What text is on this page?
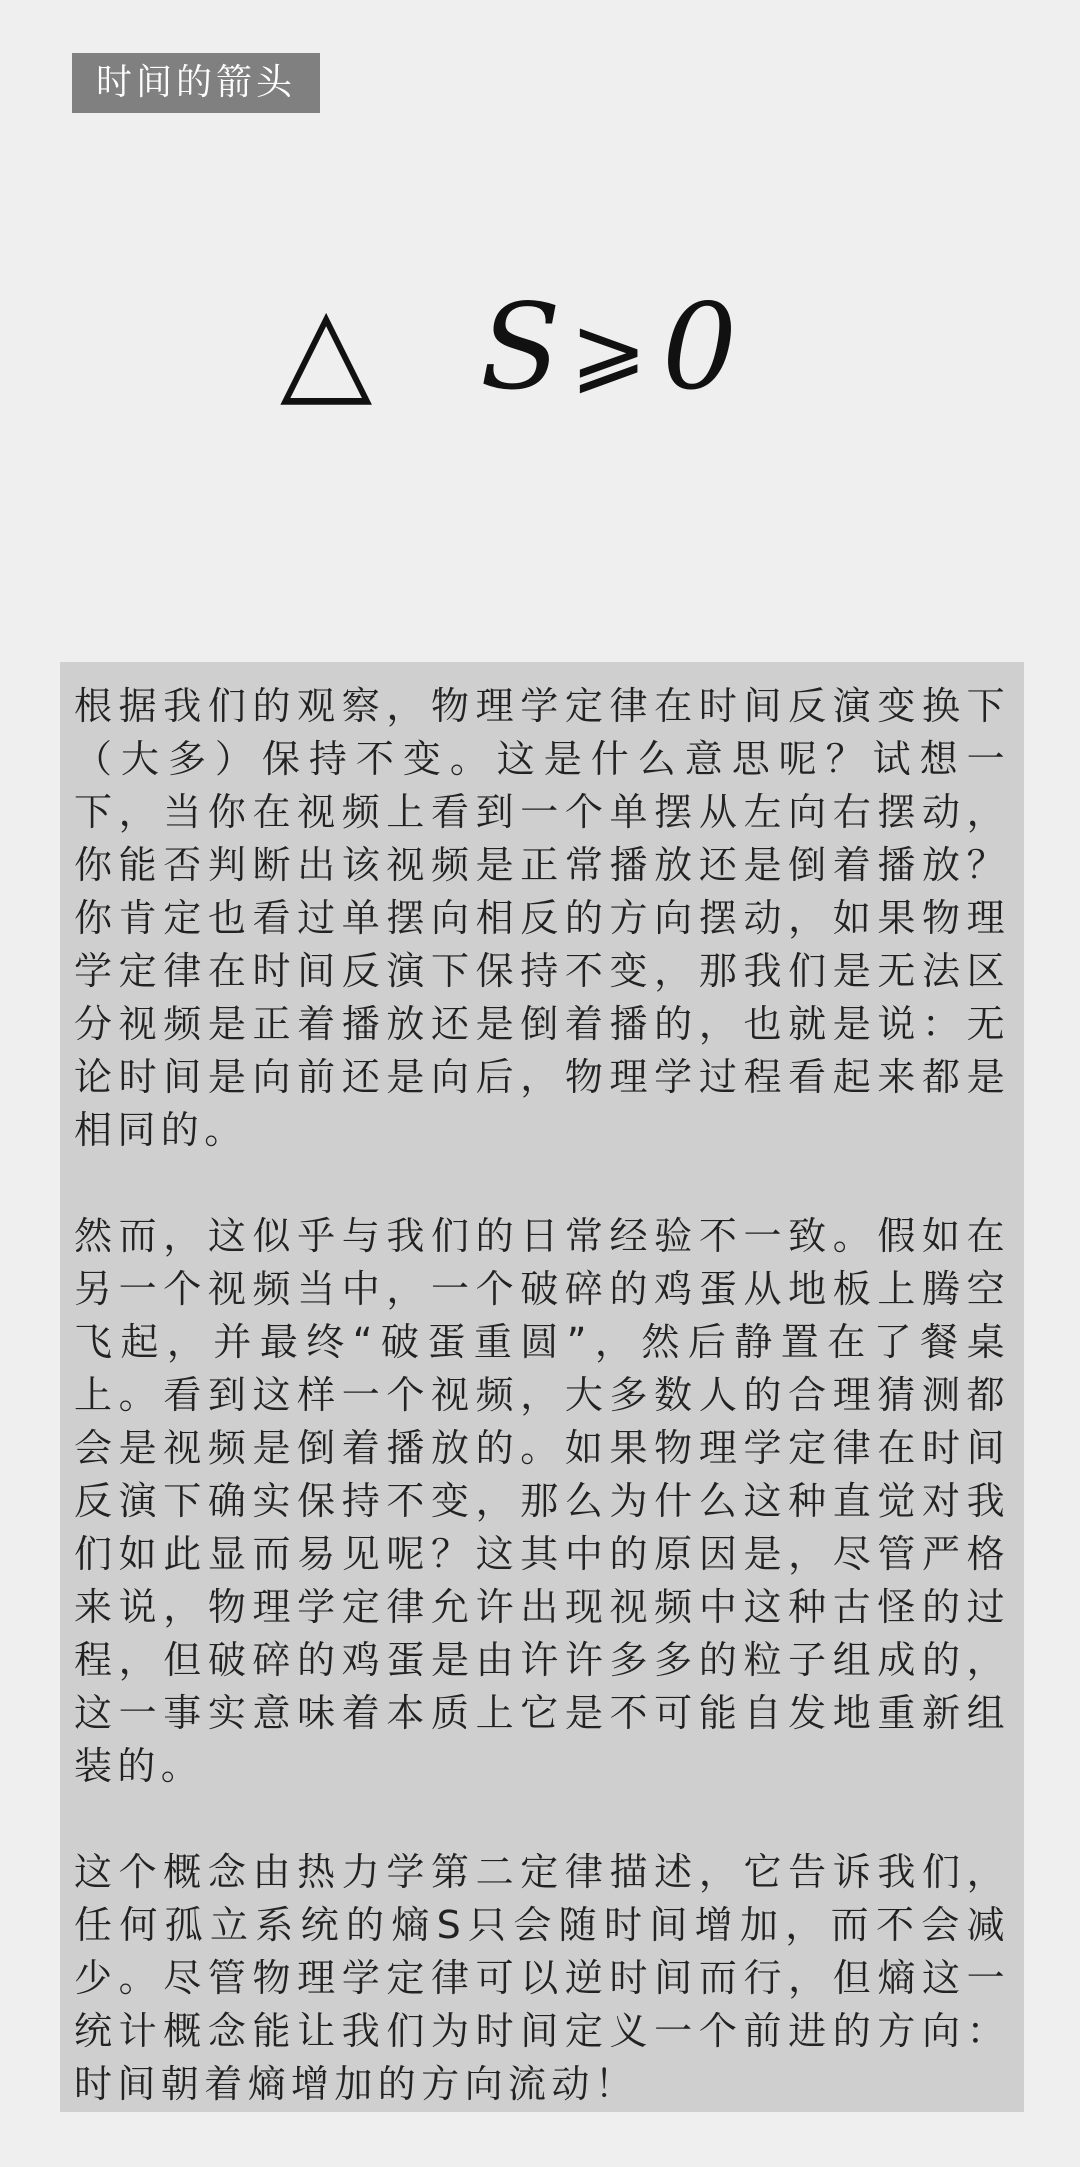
时间的箭头
△ S ⩾ 0

根据我们的观察，物理学定律在时间反演变换下（大多）保持不变。这是什么意思呢？试想一下，当你在视频上看到一个单摆从左向右摆动，你能否判断出该视频是正常播放还是倒着播放？你肯定也看过单摆向相反的方向摆动，如果物理学定律在时间反演下保持不变，那我们是无法区分视频是正着播放还是倒着播的，也就是说：无论时间是向前还是向后，物理学过程看起来都是相同的。

然而，这似乎与我们的日常经验不一致。假如在另一个视频当中，一个破碎的鸡蛋从地板上腾空飞起，并最终“破蛋重圆”，然后静置在了餐桌上。看到这样一个视频，大多数人的合理猜测都会是视频是倒着播放的。如果物理学定律在时间反演下确实保持不变，那么为什么这种直觉对我们如此显而易见呢？这其中的原因是，尽管严格来说，物理学定律允许出现视频中这种古怪的过程，但破碎的鸡蛋是由许许多多的粒子组成的，这一事实意味着本质上它是不可能自发地重新组装的。

这个概念由热力学第二定律描述，它告诉我们，任何孤立系统的熵S只会随时间增加，而不会减少。尽管物理学定律可以逆时间而行，但熵这一统计概念能让我们为时间定义一个前进的方向：时间朝着熵增加的方向流动！
